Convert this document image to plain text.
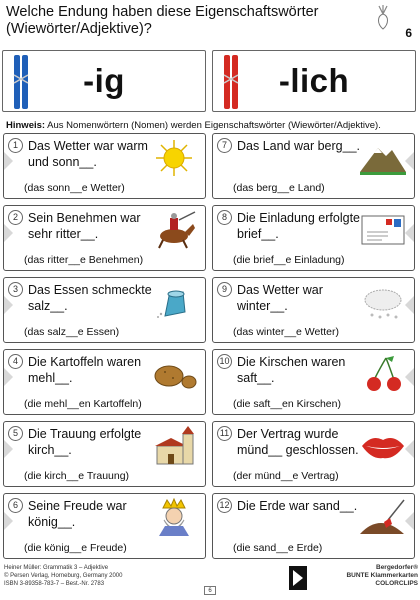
Welche Endung haben diese Eigenschaftswörter (Wiewörter/Adjektive)?	6
-ig	-lich
Hinweis: Aus Nomenwörtern (Nomen) werden Eigenschaftswörter (Wiewörter/Adjektive).
1 Das Wetter war warm und sonn__.
(das sonn__e Wetter)
7 Das Land war berg__.
(das berg__e Land)
2 Sein Benehmen war sehr ritter__.
(das ritter__e Benehmen)
8 Die Einladung erfolgte brief__.
(die brief__e Einladung)
3 Das Essen schmeckte salz__.
(das salz__e Essen)
9 Das Wetter war winter__.
(das winter__e Wetter)
4 Die Kartoffeln waren mehl__.
(die mehl__en Kartoffeln)
10 Die Kirschen waren saft__.
(die saft__en Kirschen)
5 Die Trauung erfolgte kirch__.
(die kirch__e Trauung)
11 Der Vertrag wurde münd__ geschlossen.
(der münd__e Vertrag)
6 Seine Freude war könig__.
(die könig__e Freude)
12 Die Erde war sand__.
(die sand__e Erde)
Heiner Müller: Grammatik 3 – Adjektive
© Persen Verlag, Horneburg, Germany 2000
ISBN 3-89358-783-7 – Best.-Nr. 2783
6
Bergedorfer®
BUNTE Klammerkarten
COLORCLIPS
